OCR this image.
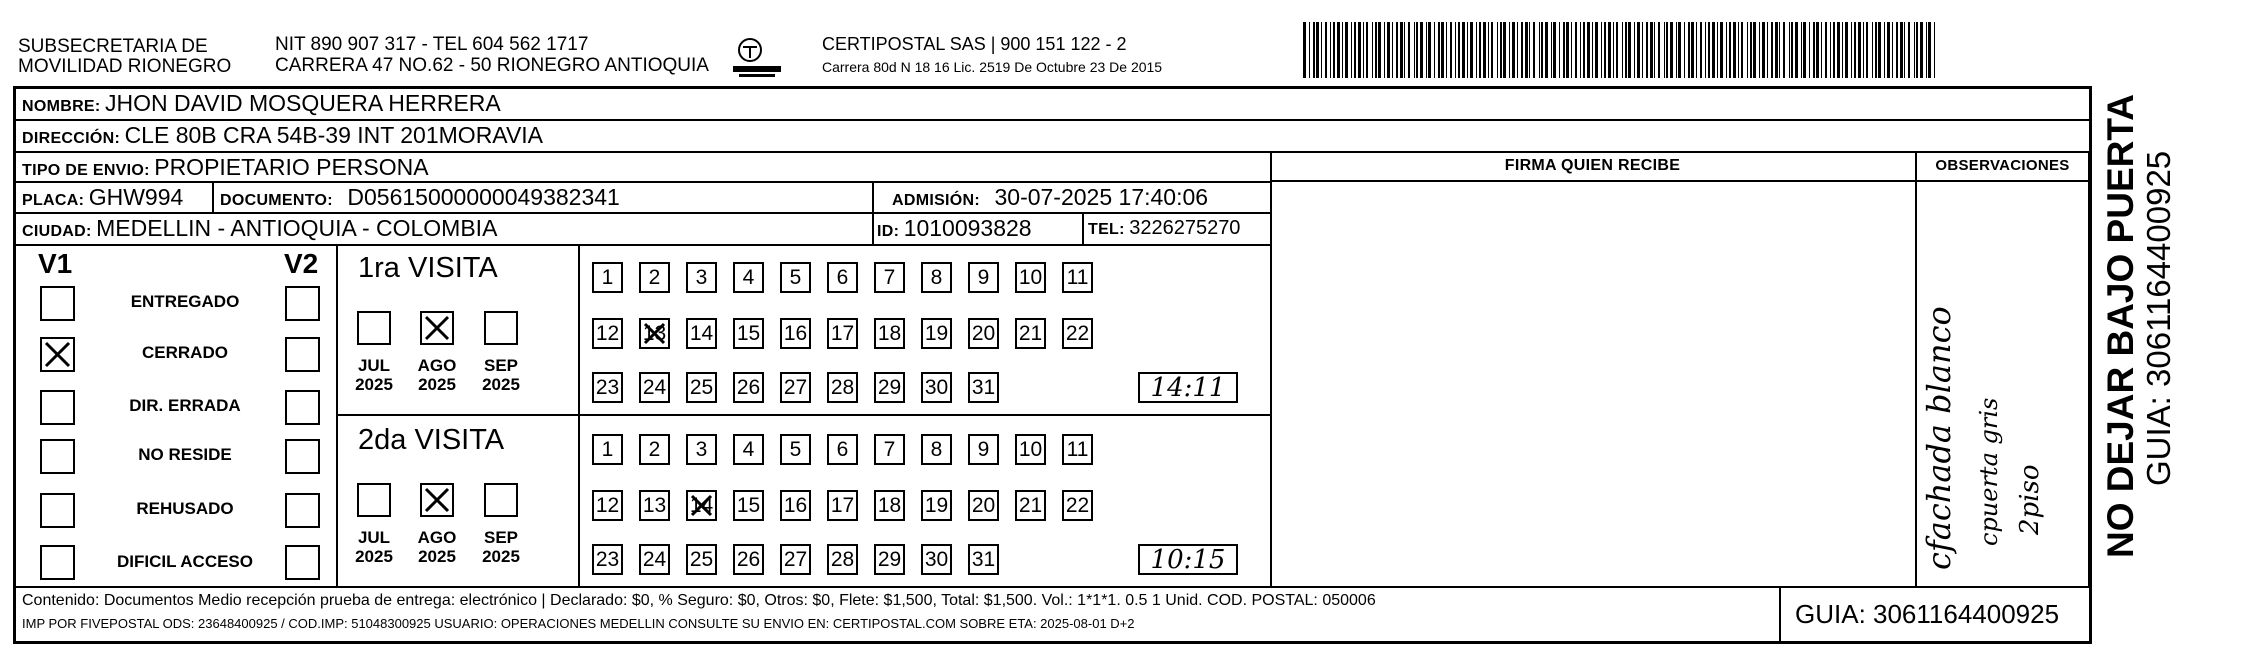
SUBSECRETARIA DE
MOVILIDAD RIONEGRO
NIT 890 907 317 - TEL 604 562 1717
CARRERA 47 NO.62 - 50 RIONEGRO ANTIOQUIA
CERTIPOSTAL SAS | 900 151 122 - 2
Carrera 80d N 18 16 Lic. 2519 De Octubre 23 De 2015
NOMBRE: JHON DAVID MOSQUERA HERRERA
DIRECCIÓN: CLE 80B CRA 54B-39 INT 201MORAVIA
TIPO DE ENVIO: PROPIETARIO PERSONA
PLACA: GHW994 DOCUMENTO: D05615000000049382341	ADMISIÓN: 30-07-2025 17:40:06
CIUDAD: MEDELLIN - ANTIOQUIA - COLOMBIA	ID: 1010093828	TEL: 3226275270
FIRMA QUIEN RECIBE	OBSERVACIONES
V1	V2
ENTREGADO
CERRADO
DIR. ERRADA
NO RESIDE
REHUSADO
DIFICIL ACCESO
1ra VISITA
2da VISITA
JUL
2025
AGO
2025
SEP
2025
1	2	3	4	5	6	7	8	9	10 11
12 13 14 15 16 17 18 19 20 21 22
23 24 25 26 27 28 29 30 31	14:11
JUL
2025
AGO
2025
SEP
2025
1	2	3	4	5	6	7	8	9	10 11
12 13 14 15 16 17 18 19 20 21 22
23 24 25 26 27 28 29 30 31	10:15	cfachada blanco cpuerta gris 2piso
Contenido: Documentos Medio recepción prueba de entrega: electrónico | Declarado: $0, % Seguro: $0, Otros: $0, Flete: $1,500, Total: $1,500. Vol.: 1*1*1. 0.5 1 Unid. COD. POSTAL: 050006
IMP POR FIVEPOSTAL ODS: 23648400925 / COD.IMP: 51048300925 USUARIO: OPERACIONES MEDELLIN CONSULTE SU ENVIO EN: CERTIPOSTAL.COM SOBRE ETA: 2025-08-01 D+2	GUIA: 3061164400925
NO DEJAR BAJO PUERTA GUIA: 3061164400925
